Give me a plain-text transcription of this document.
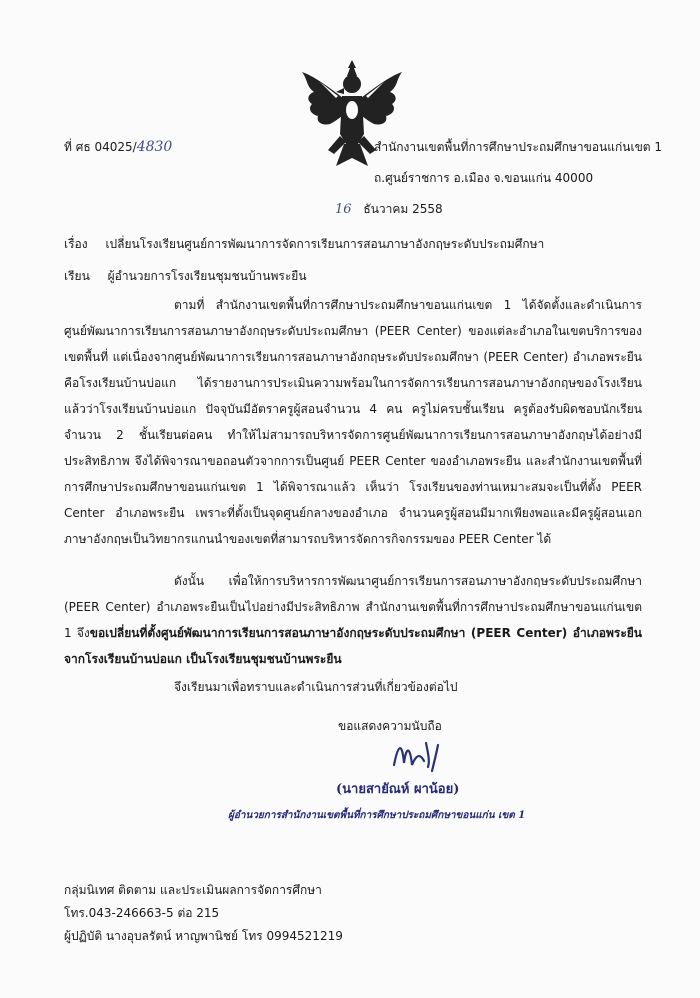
ที่ ศธ 04025/4830	สำนักงานเขตพื้นที่การศึกษาประถมศึกษาขอนแก่นเขต 1
ถ.ศูนย์ราชการ อ.เมือง จ.ขอนแก่น 40000
16 ธันวาคม 2558
เรื่อง เปลี่ยนโรงเรียนศูนย์การพัฒนาการจัดการเรียนการสอนภาษาอังกฤษระดับประถมศึกษา
เรียน ผู้อำนวยการโรงเรียนชุมชนบ้านพระยืน
ตามที่ สำนักงานเขตพื้นที่การศึกษาประถมศึกษาขอนแก่นเขต 1 ได้จัดตั้งและดำเนินการศูนย์พัฒนาการเรียนการสอนภาษาอังกฤษระดับประถมศึกษา (PEER Center) ของแต่ละอำเภอในเขตบริการของเขตพื้นที่ แต่เนื่องจากศูนย์พัฒนาการเรียนการสอนภาษาอังกฤษระดับประถมศึกษา (PEER Center) อำเภอพระยืนคือโรงเรียนบ้านบ่อแก ได้รายงานการประเมินความพร้อมในการจัดการเรียนการสอนภาษาอังกฤษของโรงเรียนแล้วว่าโรงเรียนบ้านบ่อแก ปัจจุบันมีอัตราครูผู้สอนจำนวน 4 คน ครูไม่ครบชั้นเรียน ครูต้องรับผิดชอบนักเรียน จำนวน 2 ชั้นเรียนต่อคน ทำให้ไม่สามารถบริหารจัดการศูนย์พัฒนาการเรียนการสอนภาษาอังกฤษได้อย่างมีประสิทธิภาพ จึงได้พิจารณาขอถอนตัวจากการเป็นศูนย์ PEER Center ของอำเภอพระยืน และสำนักงานเขตพื้นที่การศึกษาประถมศึกษาขอนแก่นเขต 1 ได้พิจารณาแล้ว เห็นว่า โรงเรียนของท่านเหมาะสมจะเป็นที่ตั้ง PEER Center อำเภอพระยืน เพราะที่ตั้งเป็นจุดศูนย์กลางของอำเภอ จำนวนครูผู้สอนมีมากเพียงพอและมีครูผู้สอนเอกภาษาอังกฤษเป็นวิทยากรแกนนำของเขตที่สามารถบริหารจัดการกิจกรรมของ PEER Center ได้
ดังนั้น เพื่อให้การบริหารการพัฒนาศูนย์การเรียนการสอนภาษาอังกฤษระดับประถมศึกษา (PEER Center) อำเภอพระยืนเป็นไปอย่างมีประสิทธิภาพ สำนักงานเขตพื้นที่การศึกษาประถมศึกษาขอนแก่นเขต 1 จึงขอเปลี่ยนที่ตั้งศูนย์พัฒนาการเรียนการสอนภาษาอังกฤษระดับประถมศึกษา (PEER Center) อำเภอพระยืน จากโรงเรียนบ้านบ่อแก เป็นโรงเรียนชุมชนบ้านพระยืน
จึงเรียนมาเพื่อทราบและดำเนินการส่วนที่เกี่ยวข้องต่อไป
ขอแสดงความนับถือ
(นายสายัณห์ ผาน้อย)
ผู้อำนวยการสำนักงานเขตพื้นที่การศึกษาประถมศึกษาขอนแก่น เขต 1
กลุ่มนิเทศ ติดตาม และประเมินผลการจัดการศึกษา
โทร.043-246663-5 ต่อ 215
ผู้ปฏิบัติ นางอุบลรัตน์ หาญพานิชย์ โทร 0994521219
